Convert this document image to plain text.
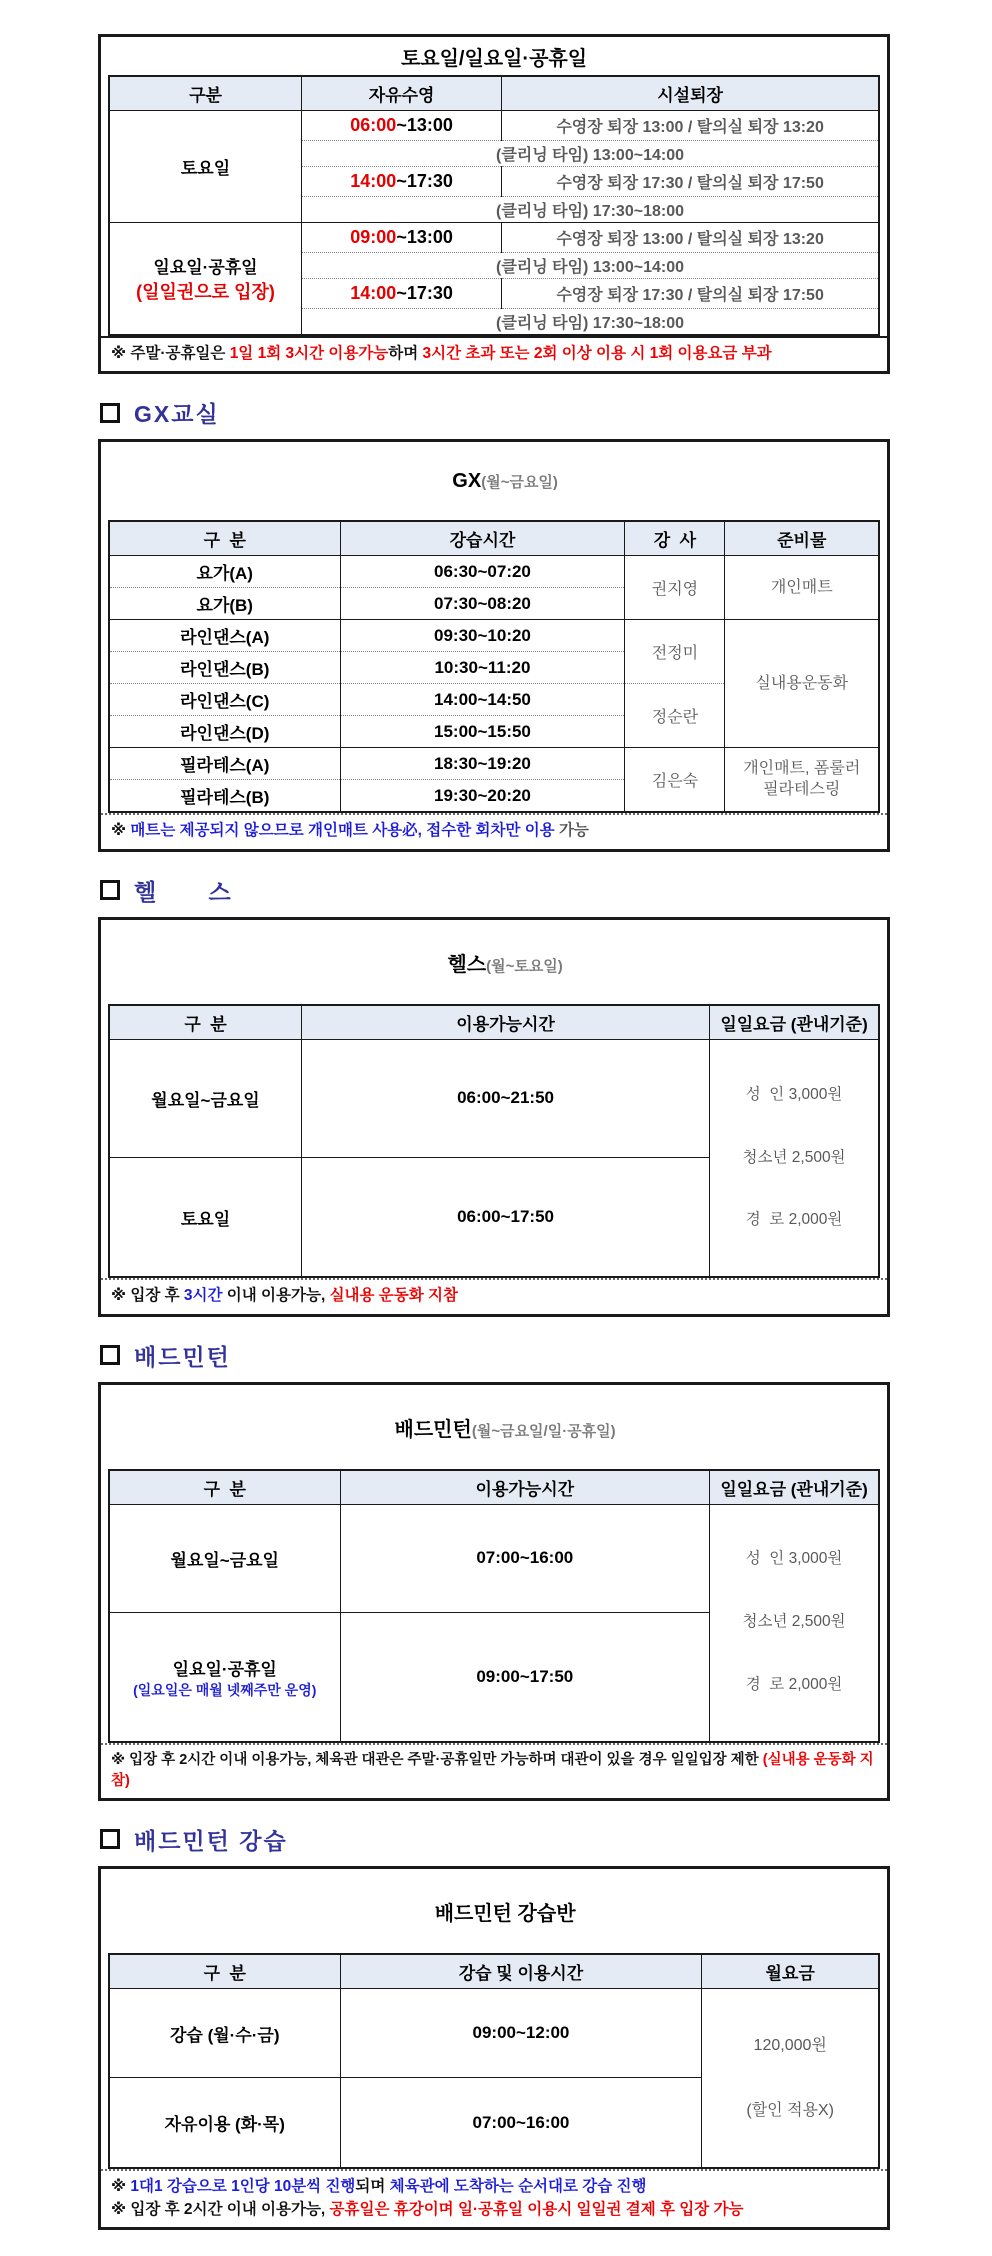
토요일/일요일·공휴일
구분	자유수영	시설퇴장

토요일	06:00~13:00	수영장 퇴장 13:00 / 탈의실 퇴장 13:20
	(클리닝 타임) 13:00~14:00	
	14:00~17:30	수영장 퇴장 17:30 / 탈의실 퇴장 17:50
	(클리닝 타임) 17:30~18:00	

일요일·공휴일
(일일권으로 입장)	09:00~13:00	수영장 퇴장 13:00 / 탈의실 퇴장 13:20
	(클리닝 타임) 13:00~14:00	
	14:00~17:30	수영장 퇴장 17:30 / 탈의실 퇴장 17:50
	(클리닝 타임) 17:30~18:00	
※ 주말·공휴일은 1일 1회 3시간 이용가능하며 3시간 초과 또는 2회 이상 이용 시 1회 이용요금 부과
GX교실

GX(월~금요일)

구  분	강습시간	강  사	준비물
요가(A)	06:30~07:20	권지영	개인매트
요가(B)	07:30~08:20		
라인댄스(A)	09:30~10:20	전정미	실내용운동화
라인댄스(B)	10:30~11:20		
라인댄스(C)	14:00~14:50	정순란	
라인댄스(D)	15:00~15:50		
필라테스(A)	18:30~19:20	김은숙	개인매트, 폼룰러
필라테스링

필라테스(B)	19:30~20:20		
※ 매트는 제공되지 않으므로 개인매트 사용必, 접수한 회차만 이용 가능
헬      스

헬스(월~토요일)

구  분	이용가능시간	일일요금 (관내기준)
월요일~금요일	06:00~21:50	성  인 3,000원

청소년 2,500원

경  로 2,000원

토요일	06:00~17:50	
※ 입장 후 3시간 이내 이용가능, 실내용 운동화 지참
배드민턴

배드민턴(월~금요일/일·공휴일)

구  분	이용가능시간	일일요금 (관내기준)
월요일~금요일	07:00~16:00	성  인 3,000원

청소년 2,500원

경  로 2,000원

일요일·공휴일
(일요일은 매월 넷째주만 운영)	09:00~17:50	
※ 입장 후 2시간 이내 이용가능, 체육관 대관은 주말·공휴일만 가능하며 대관이 있을 경우 일일입장 제한 (실내용 운동화 지참)
배드민턴 강습

배드민턴 강습반

구  분	강습 및 이용시간	월요금
강습 (월·수·금)	09:00~12:00	120,000원

(할인 적용X)

자유이용 (화·목)	07:00~16:00	
※ 1대1 강습으로 1인당 10분씩 진행되며 체육관에 도착하는 순서대로 강습 진행
※ 입장 후 2시간 이내 이용가능, 공휴일은 휴강이며 일·공휴일 이용시 일일권 결제 후 입장 가능
